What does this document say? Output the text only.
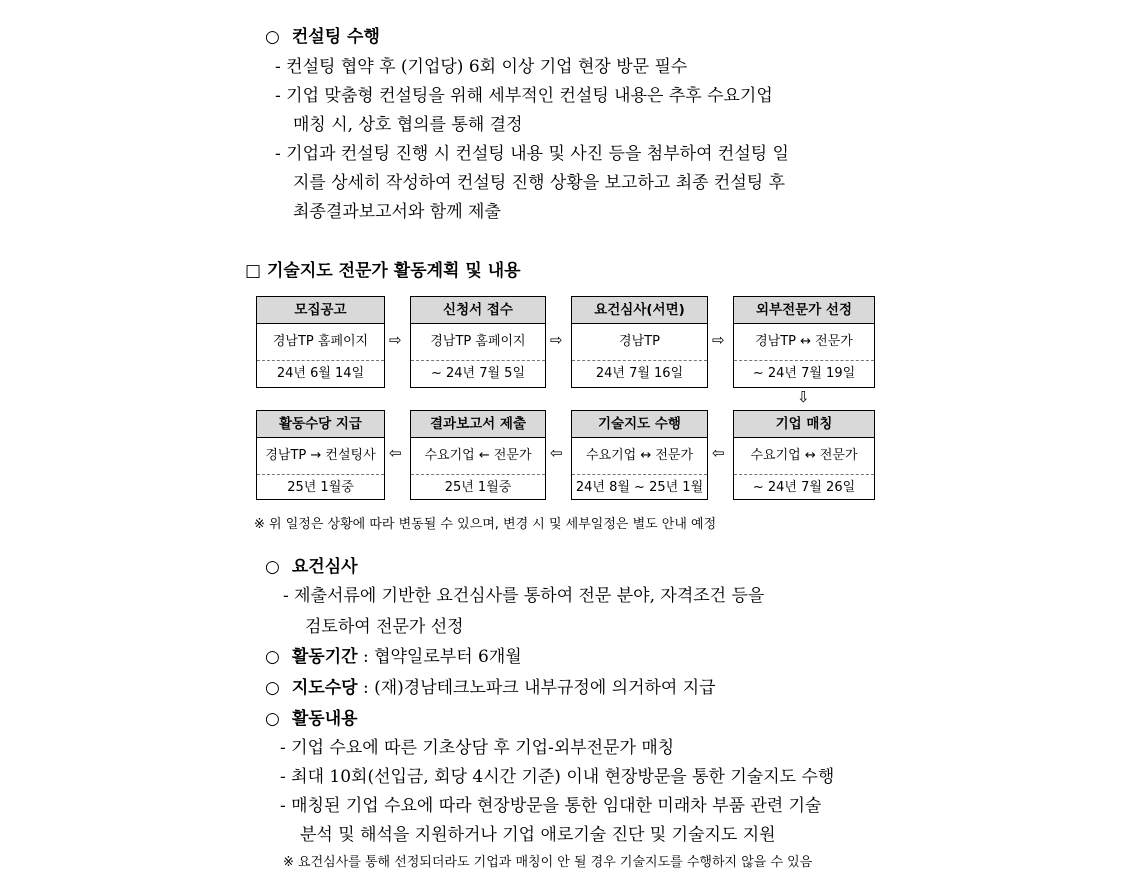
○ 컨설팅 수행
- 컨설팅 협약 후 (기업당) 6회 이상 기업 현장 방문 필수
- 기업 맞춤형 컨설팅을 위해 세부적인 컨설팅 내용은 추후 수요기업
매칭 시, 상호 협의를 통해 결정
- 기업과 컨설팅 진행 시 컨설팅 내용 및 사진 등을 첨부하여 컨설팅 일
지를 상세히 작성하여 컨설팅 진행 상황을 보고하고 최종 컨설팅 후
최종결과보고서와 함께 제출
□ 기술지도 전문가 활동계획 및 내용
모집공고
경남TP 홈페이지
24년 6월 14일
⇨
신청서 접수
경남TP 홈페이지
~ 24년 7월 5일
⇨
요건심사(서면)
경남TP
24년 7월 16일
⇨
외부전문가 선정
경남TP ↔ 전문가
~ 24년 7월 19일
⇩
활동수당 지급
경남TP → 컨설팅사
25년 1월중
⇦
결과보고서 제출
수요기업 ← 전문가
25년 1월중
⇦
기술지도 수행
수요기업 ↔ 전문가
24년 8월 ~ 25년 1월
⇦
기업 매칭
수요기업 ↔ 전문가
~ 24년 7월 26일
※ 위 일정은 상황에 따라 변동될 수 있으며, 변경 시 및 세부일정은 별도 안내 예정
○ 요건심사
- 제출서류에 기반한 요건심사를 통하여 전문 분야, 자격조건 등을
검토하여 전문가 선정
○ 활동기간 : 협약일로부터 6개월
○ 지도수당 : (재)경남테크노파크 내부규정에 의거하여 지급
○ 활동내용
- 기업 수요에 따른 기초상담 후 기업-외부전문가 매칭
- 최대 10회(선입금, 회당 4시간 기준) 이내 현장방문을 통한 기술지도 수행
- 매칭된 기업 수요에 따라 현장방문을 통한 임대한 미래차 부품 관련 기술
분석 및 해석을 지원하거나 기업 애로기술 진단 및 기술지도 지원
※ 요건심사를 통해 선정되더라도 기업과 매칭이 안 될 경우 기술지도를 수행하지 않을 수 있음
